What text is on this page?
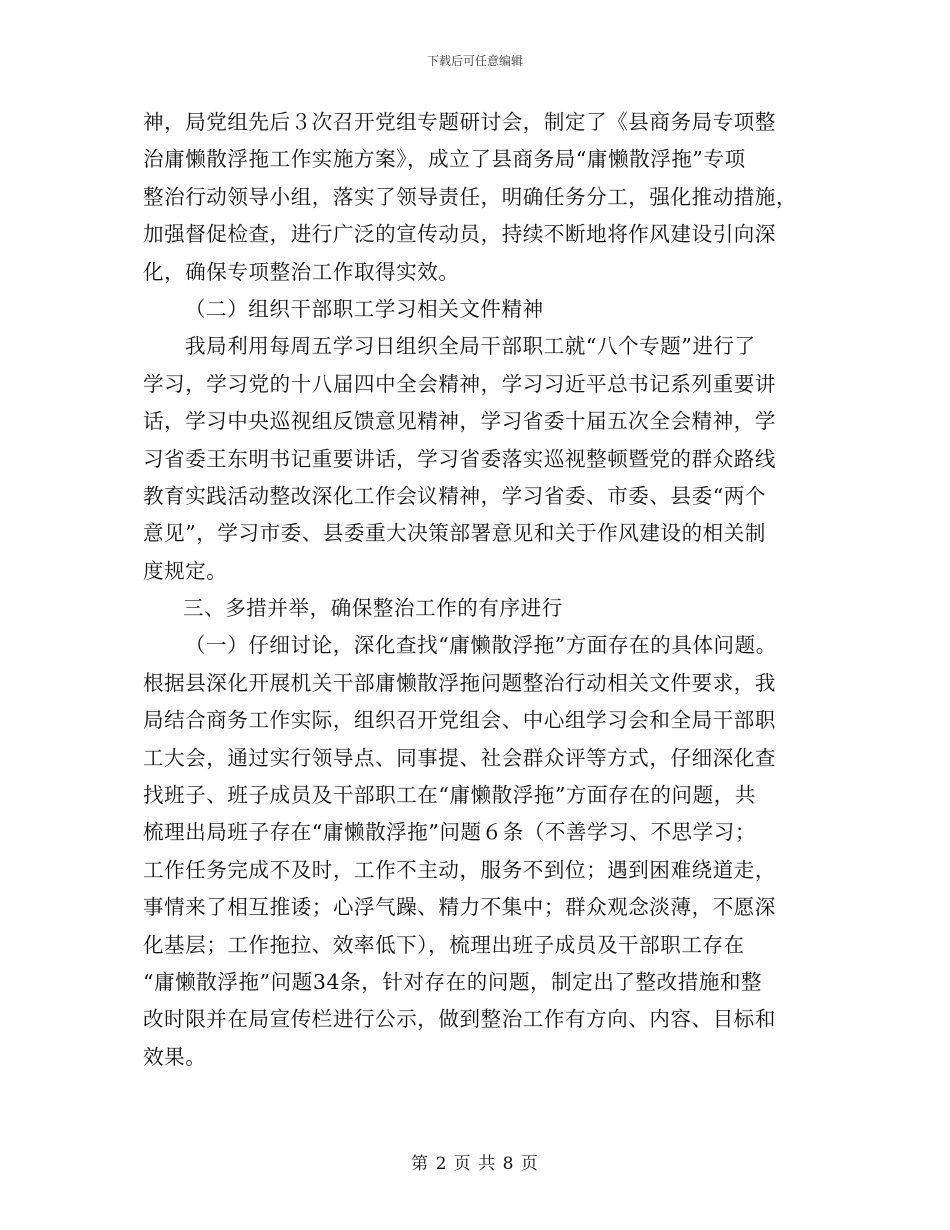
下载后可任意编辑
神，局党组先后３次召开党组专题研讨会，制定了《县商务局专项整
治庸懒散浮拖工作实施方案》，成立了县商务局“庸懒散浮拖”专项
整治行动领导小组，落实了领导责任，明确任务分工，强化推动措施，
加强督促检查，进行广泛的宣传动员，持续不断地将作风建设引向深
化，确保专项整治工作取得实效。
（二）组织干部职工学习相关文件精神
我局利用每周五学习日组织全局干部职工就“八个专题”进行了
学习，学习党的十八届四中全会精神，学习习近平总书记系列重要讲
话，学习中央巡视组反馈意见精神，学习省委十届五次全会精神，学
习省委王东明书记重要讲话，学习省委落实巡视整顿暨党的群众路线
教育实践活动整改深化工作会议精神，学习省委、市委、县委“两个
意见”，学习市委、县委重大决策部署意见和关于作风建设的相关制
度规定。
三、多措并举，确保整治工作的有序进行
（一）仔细讨论，深化查找“庸懒散浮拖”方面存在的具体问题。
根据县深化开展机关干部庸懒散浮拖问题整治行动相关文件要求，我
局结合商务工作实际，组织召开党组会、中心组学习会和全局干部职
工大会，通过实行领导点、同事提、社会群众评等方式，仔细深化查
找班子、班子成员及干部职工在“庸懒散浮拖”方面存在的问题，共
梳理出局班子存在“庸懒散浮拖”问题６条（不善学习、不思学习；
工作任务完成不及时，工作不主动，服务不到位；遇到困难绕道走，
事情来了相互推诿；心浮气躁、精力不集中；群众观念淡薄，不愿深
化基层；工作拖拉、效率低下），梳理出班子成员及干部职工存在
“庸懒散浮拖”问题34条，针对存在的问题，制定出了整改措施和整
改时限并在局宣传栏进行公示，做到整治工作有方向、内容、目标和
效果。
第 2 页 共 8 页
